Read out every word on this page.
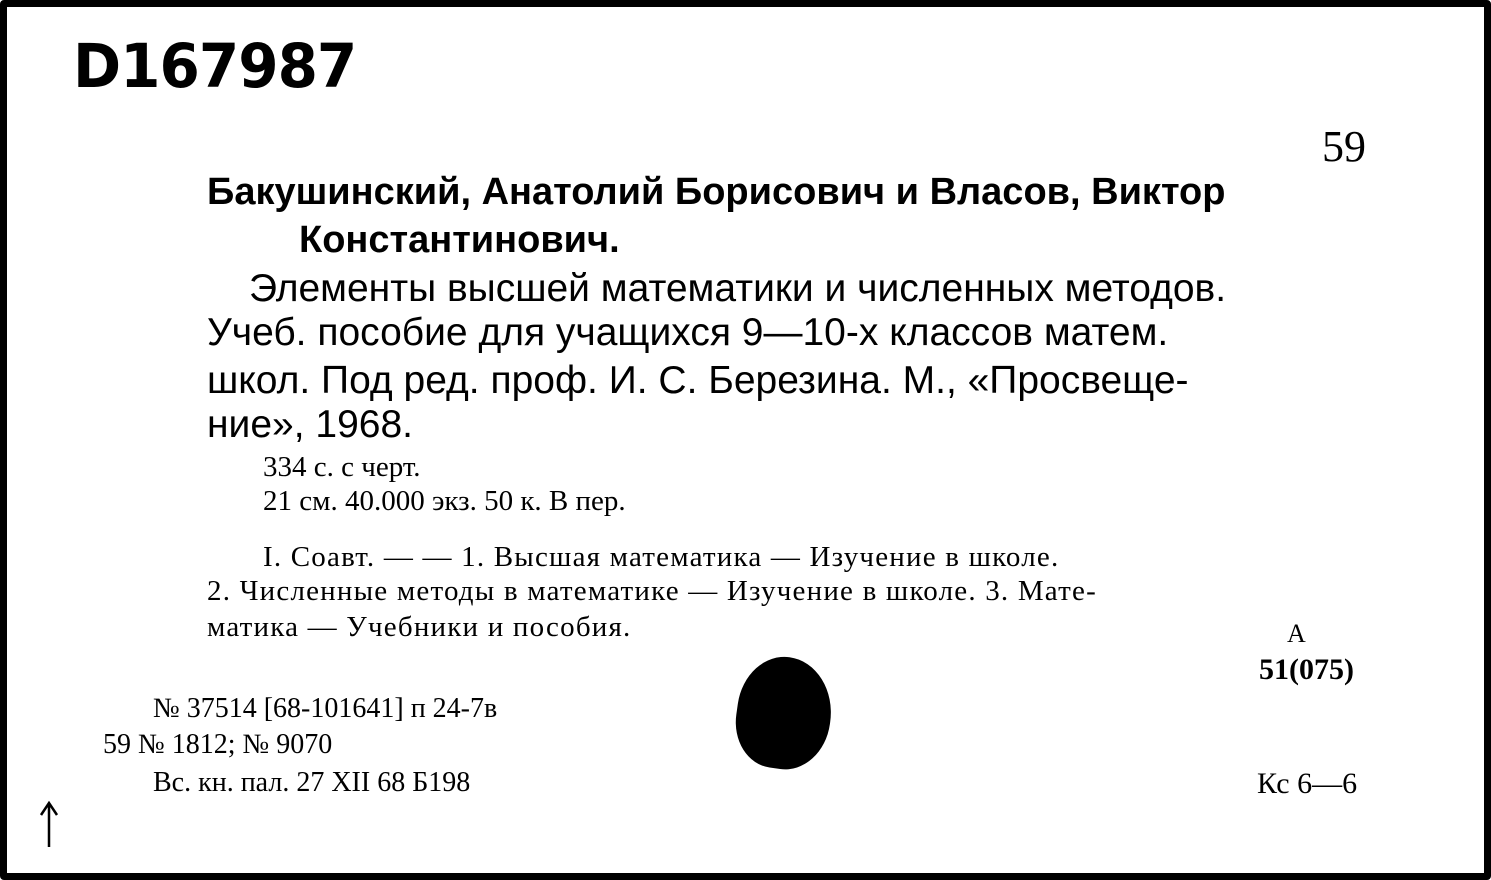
D167987
59
Бакушинский, Анатолий Борисович и Власов, Виктор
Константинович.
Элементы высшей математики и численных методов.
Учеб. пособие для учащихся 9—10-х классов матем.
школ. Под ред. проф. И. С. Березина. М., «Просвеще-
ние», 1968.
334 с. с черт.
21 см. 40.000 экз. 50 к. В пер.
I. Соавт. — — 1. Высшая математика — Изучение в школе.
2. Численные методы в математике — Изучение в школе. 3. Мате-
матика — Учебники и пособия.	А
51(075)
№ 37514 [68-101641] п 24-7в
59 № 1812; № 9070
Вс. кн. пал. 27 XII 68 Б198	Кс 6—6
